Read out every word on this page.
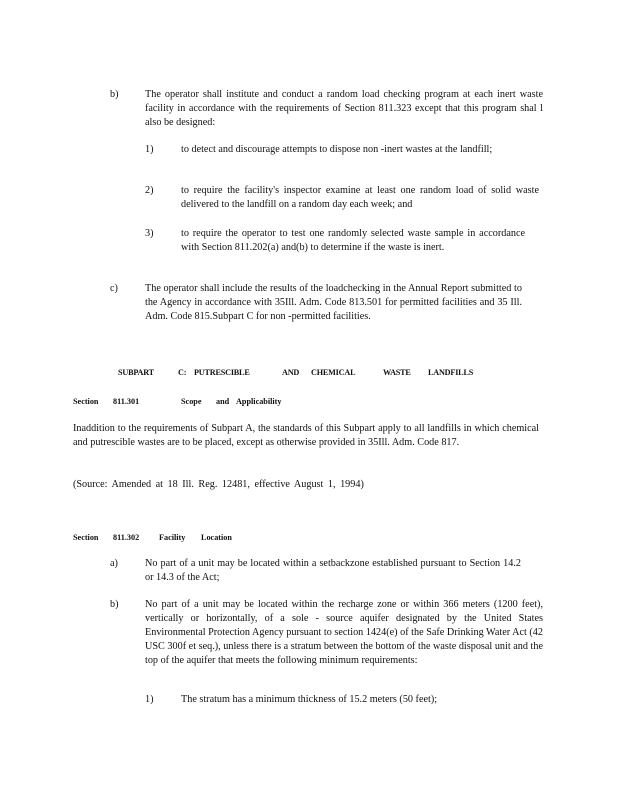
b)	The operator shall institute and conduct a random load checking program at each inert waste facility in accordance with the requirements of Section 811.323 except that this program shal l also be designed:
1)	to detect and discourage attempts to dispose non -inert wastes at the landfill;
2)	to require the facility's inspector examine at least one random load of solid waste delivered to the landfill on a random day each week; and
3)	to require the operator to test one randomly selected waste sample in accordance with Section 811.202(a) and(b) to determine if the waste is inert.
c)	The operator shall include the results of the loadchecking in the Annual Report submitted to the Agency in accordance with 35Ill. Adm. Code 813.501 for permitted facilities and 35 Ill. Adm. Code 815.Subpart C for non -permitted facilities.
SUBPART	C: PUTRESCIBLE	AND CHEMICAL	WASTE LANDFILLS
Section 811.301	Scope and Applicability
Inaddition to the requirements of Subpart A, the standards of this Subpart apply to all landfills in which chemical and putrescible wastes are to be placed, except as otherwise provided in 35Ill. Adm. Code 817.
(Source: Amended at 18 Ill. Reg. 12481, effective August 1, 1994)
Section 811.302 Facility Location
a)	No part of a unit may be located within a setbackzone established pursuant to Section 14.2 or 14.3 of the Act;
b)	No part of a unit may be located within the recharge zone or within 366 meters (1200 feet), vertically or horizontally, of a sole - source aquifer designated by the United States Environmental Protection Agency pursuant to section 1424(e) of the Safe Drinking Water Act (42 USC 300f et seq.), unless there is a stratum between the bottom of the waste disposal unit and the top of the aquifer that meets the following minimum requirements:
1)	The stratum has a minimum thickness of 15.2 meters (50 feet);
